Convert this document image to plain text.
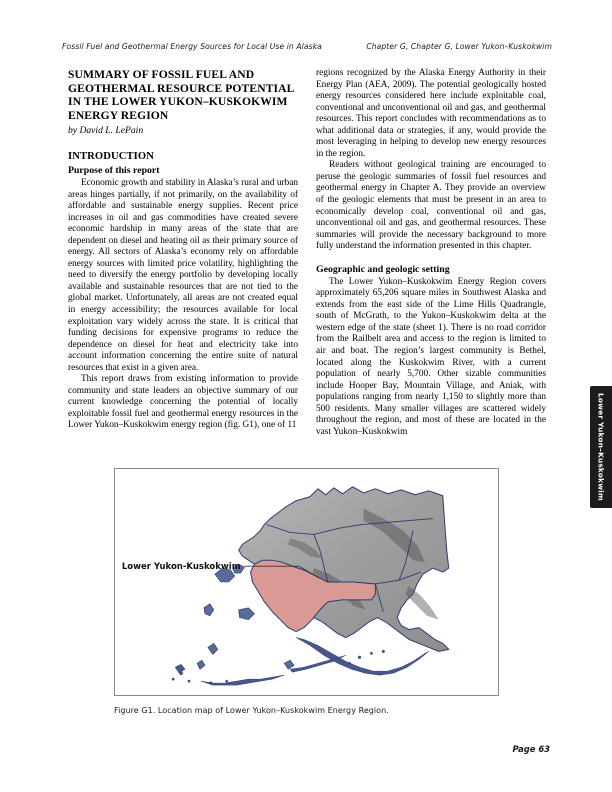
Fossil Fuel and Geothermal Energy Sources for Local Use in Alaska	Chapter G, Chapter G, Lower Yukon–Kuskokwim
SUMMARY OF FOSSIL FUEL AND GEOTHERMAL RESOURCE POTENTIAL IN THE LOWER YUKON–KUSKOKWIM ENERGY REGION
by David L. LePain
INTRODUCTION
Purpose of this report

Economic growth and stability in Alaska’s rural and urban areas hinges partially, if not primarily, on the availability of affordable and sustainable energy supplies. Recent price increases in oil and gas commodities have created severe economic hardship in many areas of the state that are dependent on diesel and heating oil as their primary source of energy. All sectors of Alaska’s economy rely on affordable energy sources with limited price volatility, highlighting the need to diversify the energy portfolio by developing locally available and sustainable resources that are not tied to the global market. Unfortunately, all areas are not created equal in energy accessibility; the resources available for local exploitation vary widely across the state. It is critical that funding decisions for expensive programs to reduce the dependence on diesel for heat and electricity take into account information concerning the entire suite of natural resources that exist in a given area.

This report draws from existing information to provide community and state leaders an objective summary of our current knowledge concerning the potential of locally exploitable fossil fuel and geothermal energy resources in the Lower Yukon–Kuskokwim energy region (fig. G1), one of 11

regions recognized by the Alaska Energy Authority in their Energy Plan (AEA, 2009). The potential geologically hosted energy resources considered here include exploitable coal, conventional and unconventional oil and gas, and geothermal resources. This report concludes with recommendations as to what additional data or strategies, if any, would provide the most leveraging in helping to develop new energy resources in the region.

Readers without geological training are encouraged to peruse the geologic summaries of fossil fuel resources and geothermal energy in Chapter A. They provide an overview of the geologic elements that must be present in an area to economically develop coal, conventional oil and gas, unconventional oil and gas, and geothermal resources. These summaries will provide the necessary background to more fully understand the information presented in this chapter.

Geographic and geologic setting

The Lower Yukon–Kuskokwim Energy Region covers approximately 65,206 square miles in Southwest Alaska and extends from the east side of the Lime Hills Quadrangle, south of McGrath, to the Yukon–Kuskokwim delta at the western edge of the state (sheet 1). There is no road corridor from the Railbelt area and access to the region is limited to air and boat. The region’s largest community is Bethel, located along the Kuskokwim River, with a current population of nearly 5,700. Other sizable communities include Hooper Bay, Mountain Village, and Aniak, with populations ranging from nearly 1,150 to slightly more than 500 residents. Many smaller villages are scattered widely throughout the region, and most of these are located in the vast Yukon–Kuskokwim	Lower Yukon–Kuskokwim
Lower Yukon-Kuskokwim
Figure G1. Location map of Lower Yukon–Kuskokwim Energy Region.
Page 63
